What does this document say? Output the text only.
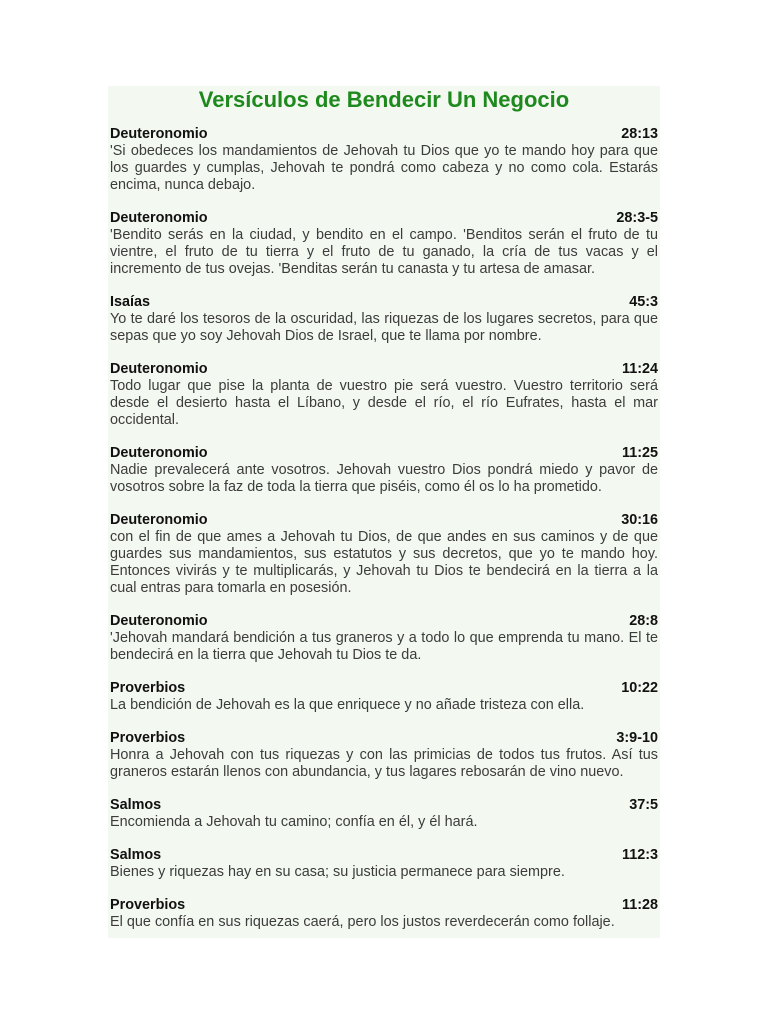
Versículos de Bendecir Un Negocio
Deuteronomio	28:13
'Si obedeces los mandamientos de Jehovah tu Dios que yo te mando hoy para que los guardes y cumplas, Jehovah te pondrá como cabeza y no como cola. Estarás encima, nunca debajo.
Deuteronomio	28:3-5
'Bendito serás en la ciudad, y bendito en el campo. 'Benditos serán el fruto de tu vientre, el fruto de tu tierra y el fruto de tu ganado, la cría de tus vacas y el incremento de tus ovejas. 'Benditas serán tu canasta y tu artesa de amasar.
Isaías	45:3
Yo te daré los tesoros de la oscuridad, las riquezas de los lugares secretos, para que sepas que yo soy Jehovah Dios de Israel, que te llama por nombre.
Deuteronomio	11:24
Todo lugar que pise la planta de vuestro pie será vuestro. Vuestro territorio será desde el desierto hasta el Líbano, y desde el río, el río Eufrates, hasta el mar occidental.
Deuteronomio	11:25
Nadie prevalecerá ante vosotros. Jehovah vuestro Dios pondrá miedo y pavor de vosotros sobre la faz de toda la tierra que piséis, como él os lo ha prometido.
Deuteronomio	30:16
con el fin de que ames a Jehovah tu Dios, de que andes en sus caminos y de que guardes sus mandamientos, sus estatutos y sus decretos, que yo te mando hoy. Entonces vivirás y te multiplicarás, y Jehovah tu Dios te bendecirá en la tierra a la cual entras para tomarla en posesión.
Deuteronomio	28:8
'Jehovah mandará bendición a tus graneros y a todo lo que emprenda tu mano. El te bendecirá en la tierra que Jehovah tu Dios te da.
Proverbios	10:22
La bendición de Jehovah es la que enriquece y no añade tristeza con ella.
Proverbios	3:9-10
Honra a Jehovah con tus riquezas y con las primicias de todos tus frutos. Así tus graneros estarán llenos con abundancia, y tus lagares rebosarán de vino nuevo.
Salmos	37:5
Encomienda a Jehovah tu camino; confía en él, y él hará.
Salmos	112:3
Bienes y riquezas hay en su casa; su justicia permanece para siempre.
Proverbios	11:28
El que confía en sus riquezas caerá, pero los justos reverdecerán como follaje.
